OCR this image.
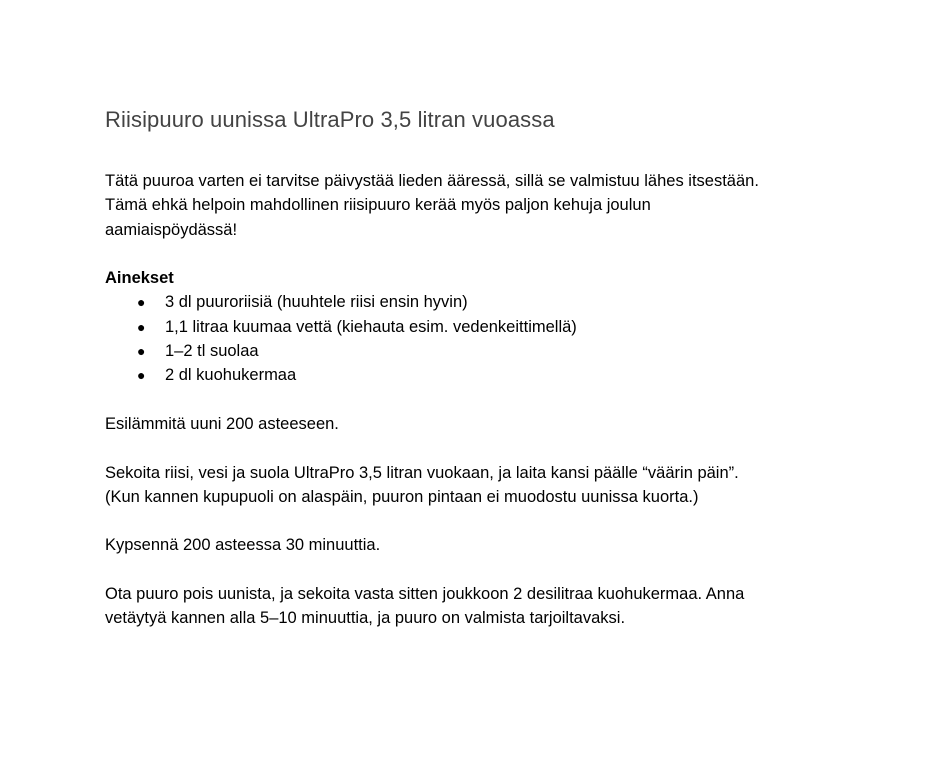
Riisipuuro uunissa UltraPro 3,5 litran vuoassa

Tätä puuroa varten ei tarvitse päivystää lieden ääressä, sillä se valmistuu lähes itsestään.
Tämä ehkä helpoin mahdollinen riisipuuro kerää myös paljon kehuja joulun
aamiaispöydässä!

Ainekset

● 3 dl puuroriisiä (huuhtele riisi ensin hyvin)
● 1,1 litraa kuumaa vettä (kiehauta esim. vedenkeittimellä)
● 1–2 tl suolaa
● 2 dl kuohukermaa

Esilämmitä uuni 200 asteeseen.

Sekoita riisi, vesi ja suola UltraPro 3,5 litran vuokaan, ja laita kansi päälle “väärin päin”.
(Kun kannen kupupuoli on alaspäin, puuron pintaan ei muodostu uunissa kuorta.)

Kypsennä 200 asteessa 30 minuuttia.

Ota puuro pois uunista, ja sekoita vasta sitten joukkoon 2 desilitraa kuohukermaa. Anna
vetäytyä kannen alla 5–10 minuuttia, ja puuro on valmista tarjoiltavaksi.
